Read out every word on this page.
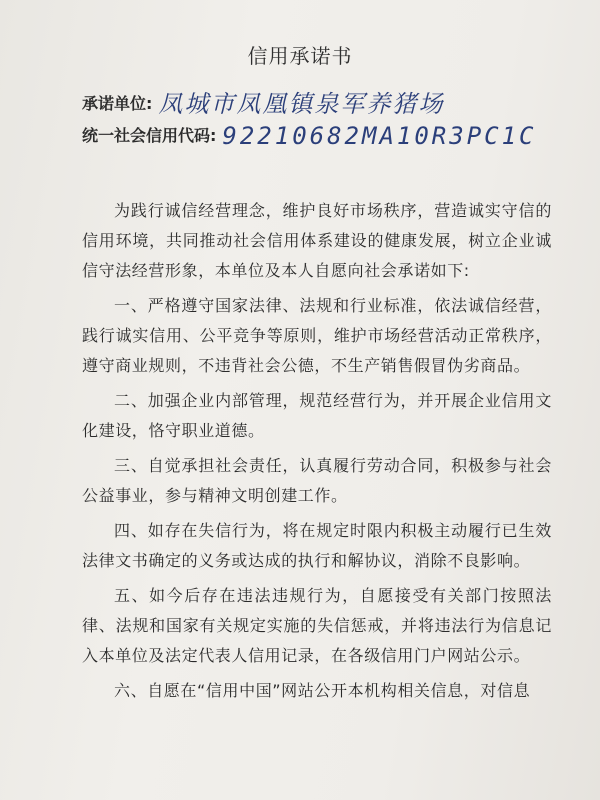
信用承诺书
承诺单位: 凤城市凤凰镇泉军养猪场
统一社会信用代码: 92210682MA10R3PC1C

为践行诚信经营理念，维护良好市场秩序，营造诚实守信的信用环境，共同推动社会信用体系建设的健康发展，树立企业诚信守法经营形象，本单位及本人自愿向社会承诺如下:

一、严格遵守国家法律、法规和行业标准，依法诚信经营，践行诚实信用、公平竞争等原则，维护市场经营活动正常秩序，遵守商业规则，不违背社会公德，不生产销售假冒伪劣商品。

二、加强企业内部管理，规范经营行为，并开展企业信用文化建设，恪守职业道德。

三、自觉承担社会责任，认真履行劳动合同，积极参与社会公益事业，参与精神文明创建工作。

四、如存在失信行为，将在规定时限内积极主动履行已生效法律文书确定的义务或达成的执行和解协议，消除不良影响。

五、如今后存在违法违规行为，自愿接受有关部门按照法律、法规和国家有关规定实施的失信惩戒，并将违法行为信息记入本单位及法定代表人信用记录，在各级信用门户网站公示。

六、自愿在“信用中国”网站公开本机构相关信息，对信息
